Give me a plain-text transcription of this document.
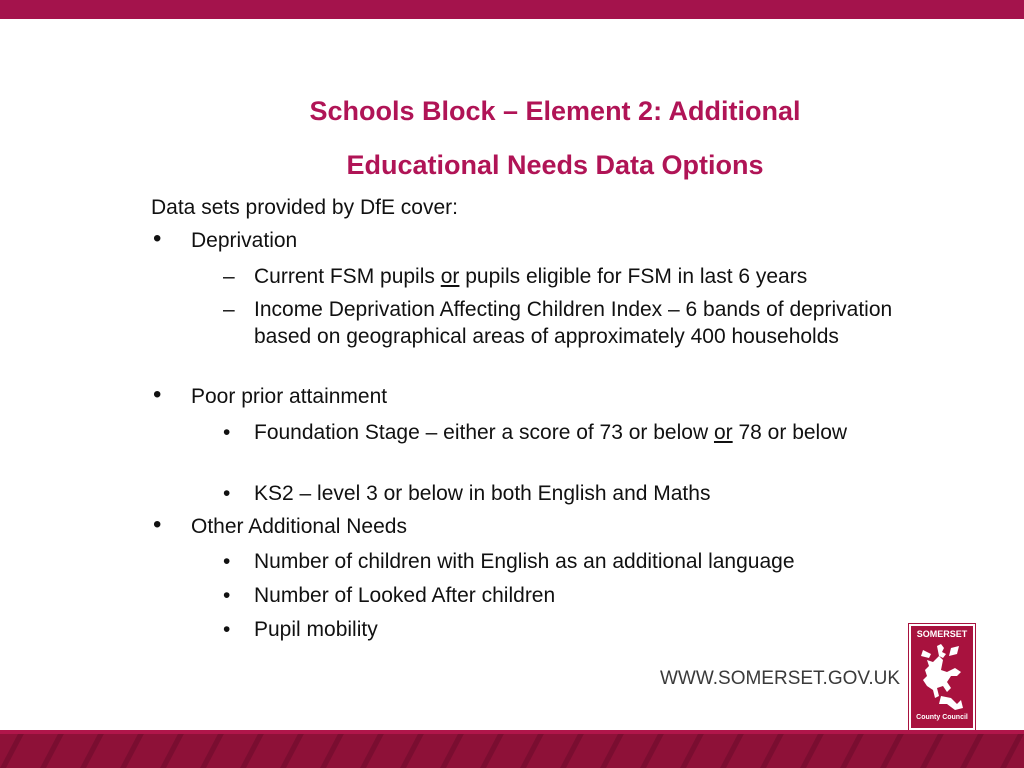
Schools Block – Element 2: Additional
Educational Needs Data Options
Data sets provided by DfE cover:
• Deprivation
– Current FSM pupils or pupils eligible for FSM in last 6 years
– Income Deprivation Affecting Children Index – 6 bands of deprivation based on geographical areas of approximately 400 households
• Poor prior attainment
• Foundation Stage – either a score of 73 or below or 78 or below
• KS2 – level 3 or below in both English and Maths
• Other Additional Needs
• Number of children with English as an additional language
• Number of Looked After children
• Pupil mobility
WWW.SOMERSET.GOV.UK
SOMERSET
County Council
